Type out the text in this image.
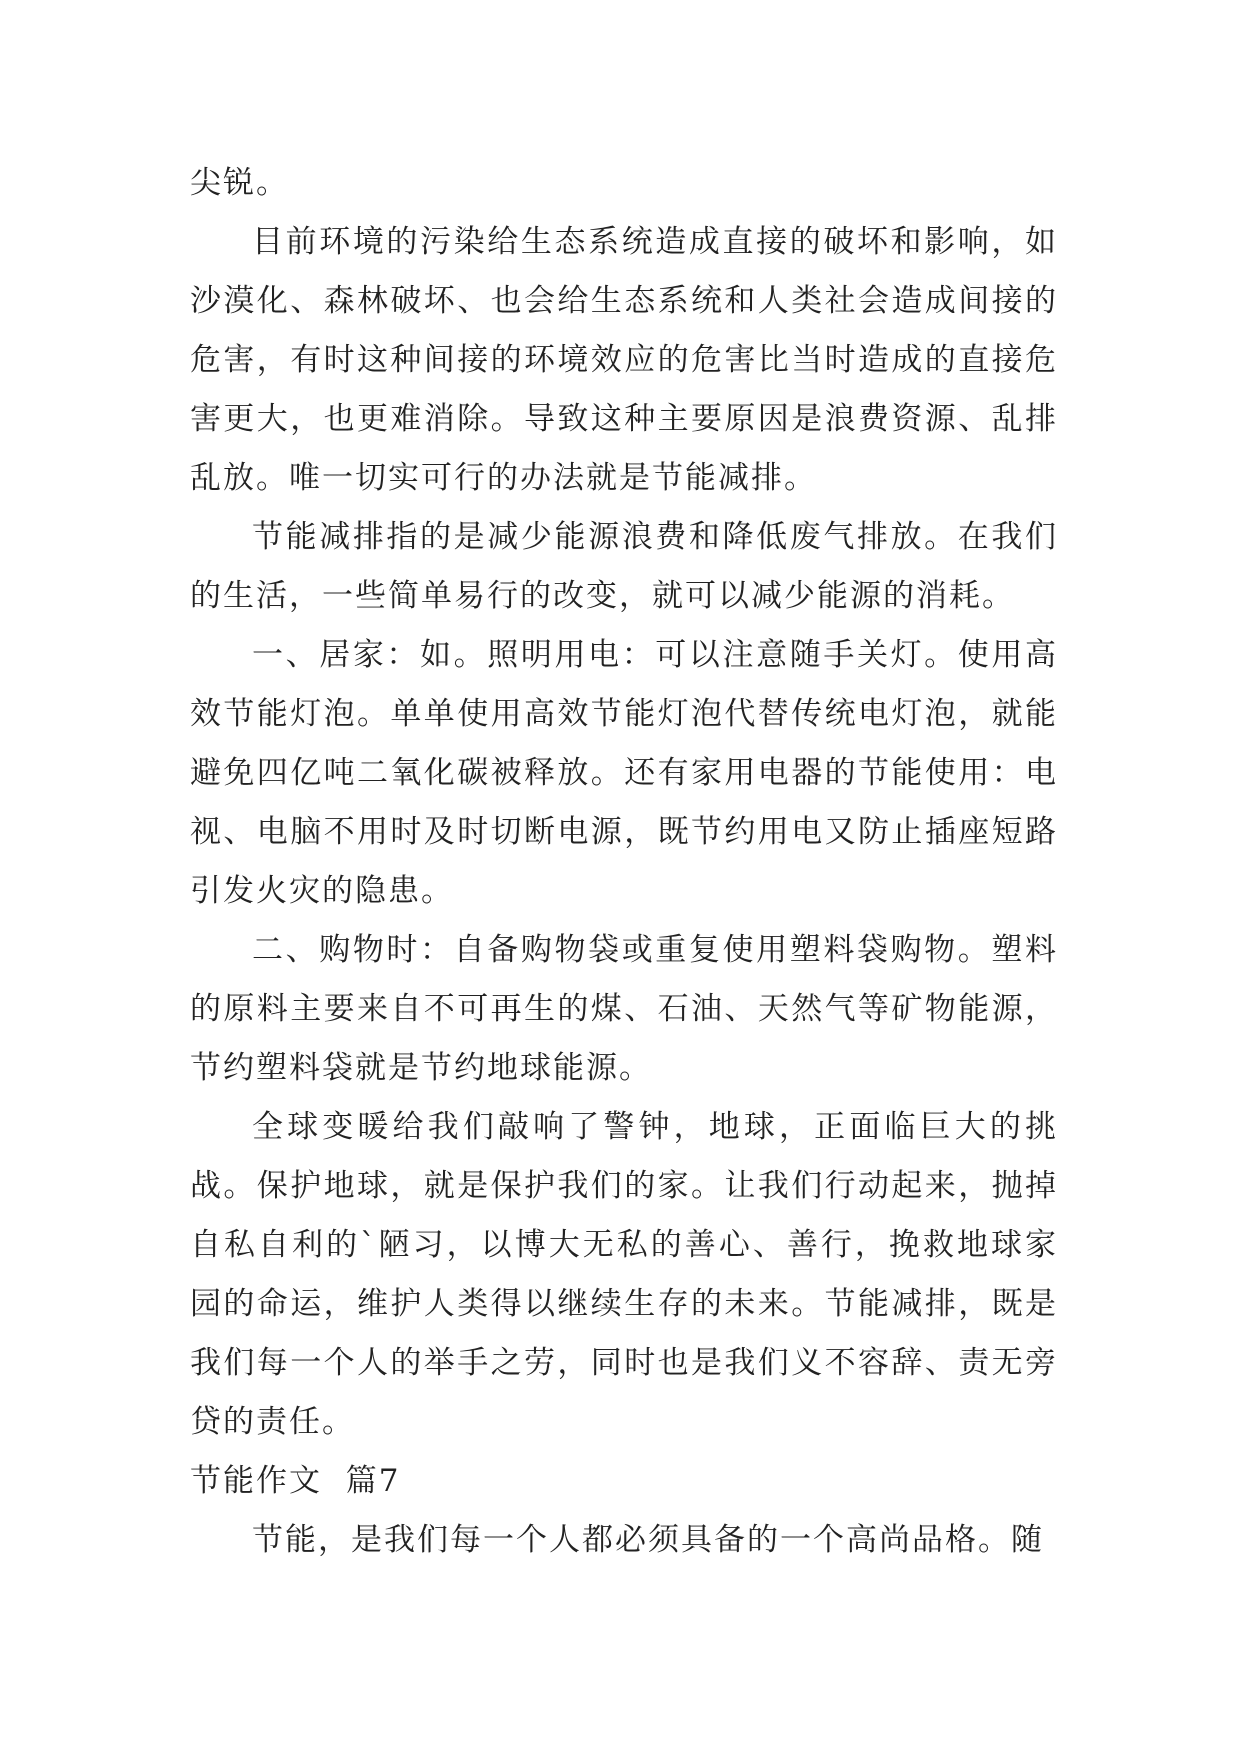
尖锐。

目前环境的污染给生态系统造成直接的破坏和影响，如沙漠化、森林破坏、也会给生态系统和人类社会造成间接的危害，有时这种间接的环境效应的危害比当时造成的直接危害更大，也更难消除。导致这种主要原因是浪费资源、乱排乱放。唯一切实可行的办法就是节能减排。

节能减排指的是减少能源浪费和降低废气排放。在我们的生活，一些简单易行的改变，就可以减少能源的消耗。

一、居家：如。照明用电：可以注意随手关灯。使用高效节能灯泡。单单使用高效节能灯泡代替传统电灯泡，就能避免四亿吨二氧化碳被释放。还有家用电器的节能使用：电视、电脑不用时及时切断电源，既节约用电又防止插座短路引发火灾的隐患。

二、购物时：自备购物袋或重复使用塑料袋购物。塑料的原料主要来自不可再生的煤、石油、天然气等矿物能源，节约塑料袋就是节约地球能源。

全球变暖给我们敲响了警钟，地球，正面临巨大的挑战。保护地球，就是保护我们的家。让我们行动起来，抛掉自私自利的`陋习，以博大无私的善心、善行，挽救地球家园的命运，维护人类得以继续生存的未来。节能减排，既是我们每一个人的举手之劳，同时也是我们义不容辞、责无旁贷的责任。

节能作文  篇7

节能，是我们每一个人都必须具备的一个高尚品格。随
